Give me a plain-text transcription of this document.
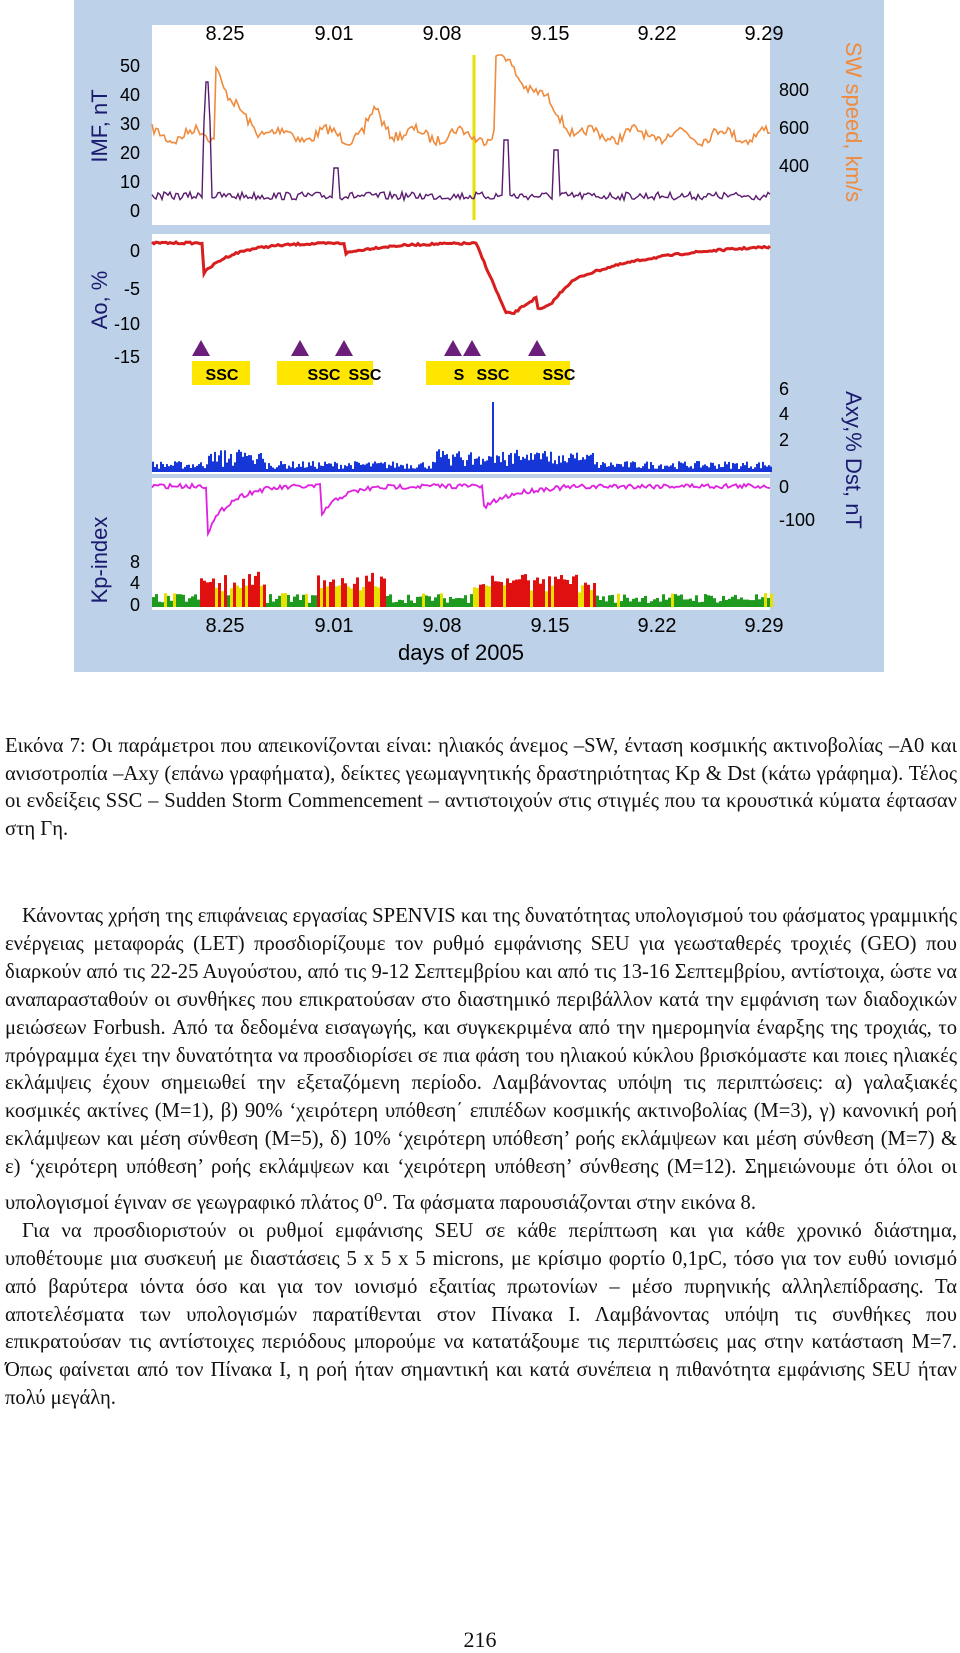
SSC	SSC SSC	S SSC SSC
8.25	9.01	9.08	9.15	9.22	9.29
IMF, nT
50
40
30
20
10
0
800
600
400 SW speed, km/s
Ao, %
0
-5
-10
-15
6
4
2
0
-100 Axy,% Dst, nT
Kp-index 8
4
0
8.25	9.01	9.08	9.15	9.22	9.29
days of 2005
Εικόνα 7: Οι παράμετροι που απεικονίζονται είναι: ηλιακός άνεμος –SW, ένταση κοσμικής ακτινοβολίας –Α0 και ανισοτροπία –Axy (επάνω γραφήματα), δείκτες γεωμαγνητικής δραστηριότητας Kp & Dst (κάτω γράφημα). Τέλος οι ενδείξεις SSC – Sudden Storm Commencement – αντιστοιχούν στις στιγμές που τα κρουστικά κύματα έφτασαν στη Γη.

Κάνοντας χρήση της επιφάνειας εργασίας SPENVIS και της δυνατότητας υπολογισμού του φάσματος γραμμικής ενέργειας μεταφοράς (LET) προσδιορίζουμε τον ρυθμό εμφάνισης SEU για γεωσταθερές τροχιές (GEO) που διαρκούν από τις 22-25 Αυγούστου, από τις 9-12 Σεπτεμβρίου και από τις 13-16 Σεπτεμβρίου, αντίστοιχα, ώστε να αναπαρασταθούν οι συνθήκες που επικρατούσαν στο διαστημικό περιβάλλον κατά την εμφάνιση των διαδοχικών μειώσεων Forbush. Από τα δεδομένα εισαγωγής, και συγκεκριμένα από την ημερομηνία έναρξης της τροχιάς, το πρόγραμμα έχει την δυνατότητα να προσδιορίσει σε πια φάση του ηλιακού κύκλου βρισκόμαστε και ποιες ηλιακές εκλάμψεις έχουν σημειωθεί την εξεταζόμενη περίοδο. Λαμβάνοντας υπόψη τις περιπτώσεις: α) γαλαξιακές κοσμικές ακτίνες (M=1), β) 90% ‘χειρότερη υπόθεση΄ επιπέδων κοσμικής ακτινοβολίας (Μ=3), γ) κανονική ροή εκλάμψεων και μέση σύνθεση (Μ=5), δ) 10% ‘χειρότερη υπόθεση’ ροής εκλάμψεων και μέση σύνθεση (Μ=7) & ε) ‘χειρότερη υπόθεση’ ροής εκλάμψεων και ‘χειρότερη υπόθεση’ σύνθεσης (Μ=12). Σημειώνουμε ότι όλοι οι υπολογισμοί έγιναν σε γεωγραφικό πλάτος 0$^o$. Τα φάσματα παρουσιάζονται στην εικόνα 8.

Για να προσδιοριστούν οι ρυθμοί εμφάνισης SEU σε κάθε περίπτωση και για κάθε χρονικό διάστημα, υποθέτουμε μια συσκευή με διαστάσεις 5 x 5 x 5 microns, με κρίσιμο φορτίο 0,1pC, τόσο για τον ευθύ ιονισμό από βαρύτερα ιόντα όσο και για τον ιονισμό εξαιτίας πρωτονίων – μέσο πυρηνικής αλληλεπίδρασης. Τα αποτελέσματα των υπολογισμών παρατίθενται στον Πίνακα Ι. Λαμβάνοντας υπόψη τις συνθήκες που επικρατούσαν τις αντίστοιχες περιόδους μπορούμε να κατατάξουμε τις περιπτώσεις μας στην κατάσταση Μ=7. Όπως φαίνεται από τον Πίνακα Ι, η ροή ήταν σημαντική και κατά συνέπεια η πιθανότητα εμφάνισης SEU ήταν πολύ μεγάλη.

216
